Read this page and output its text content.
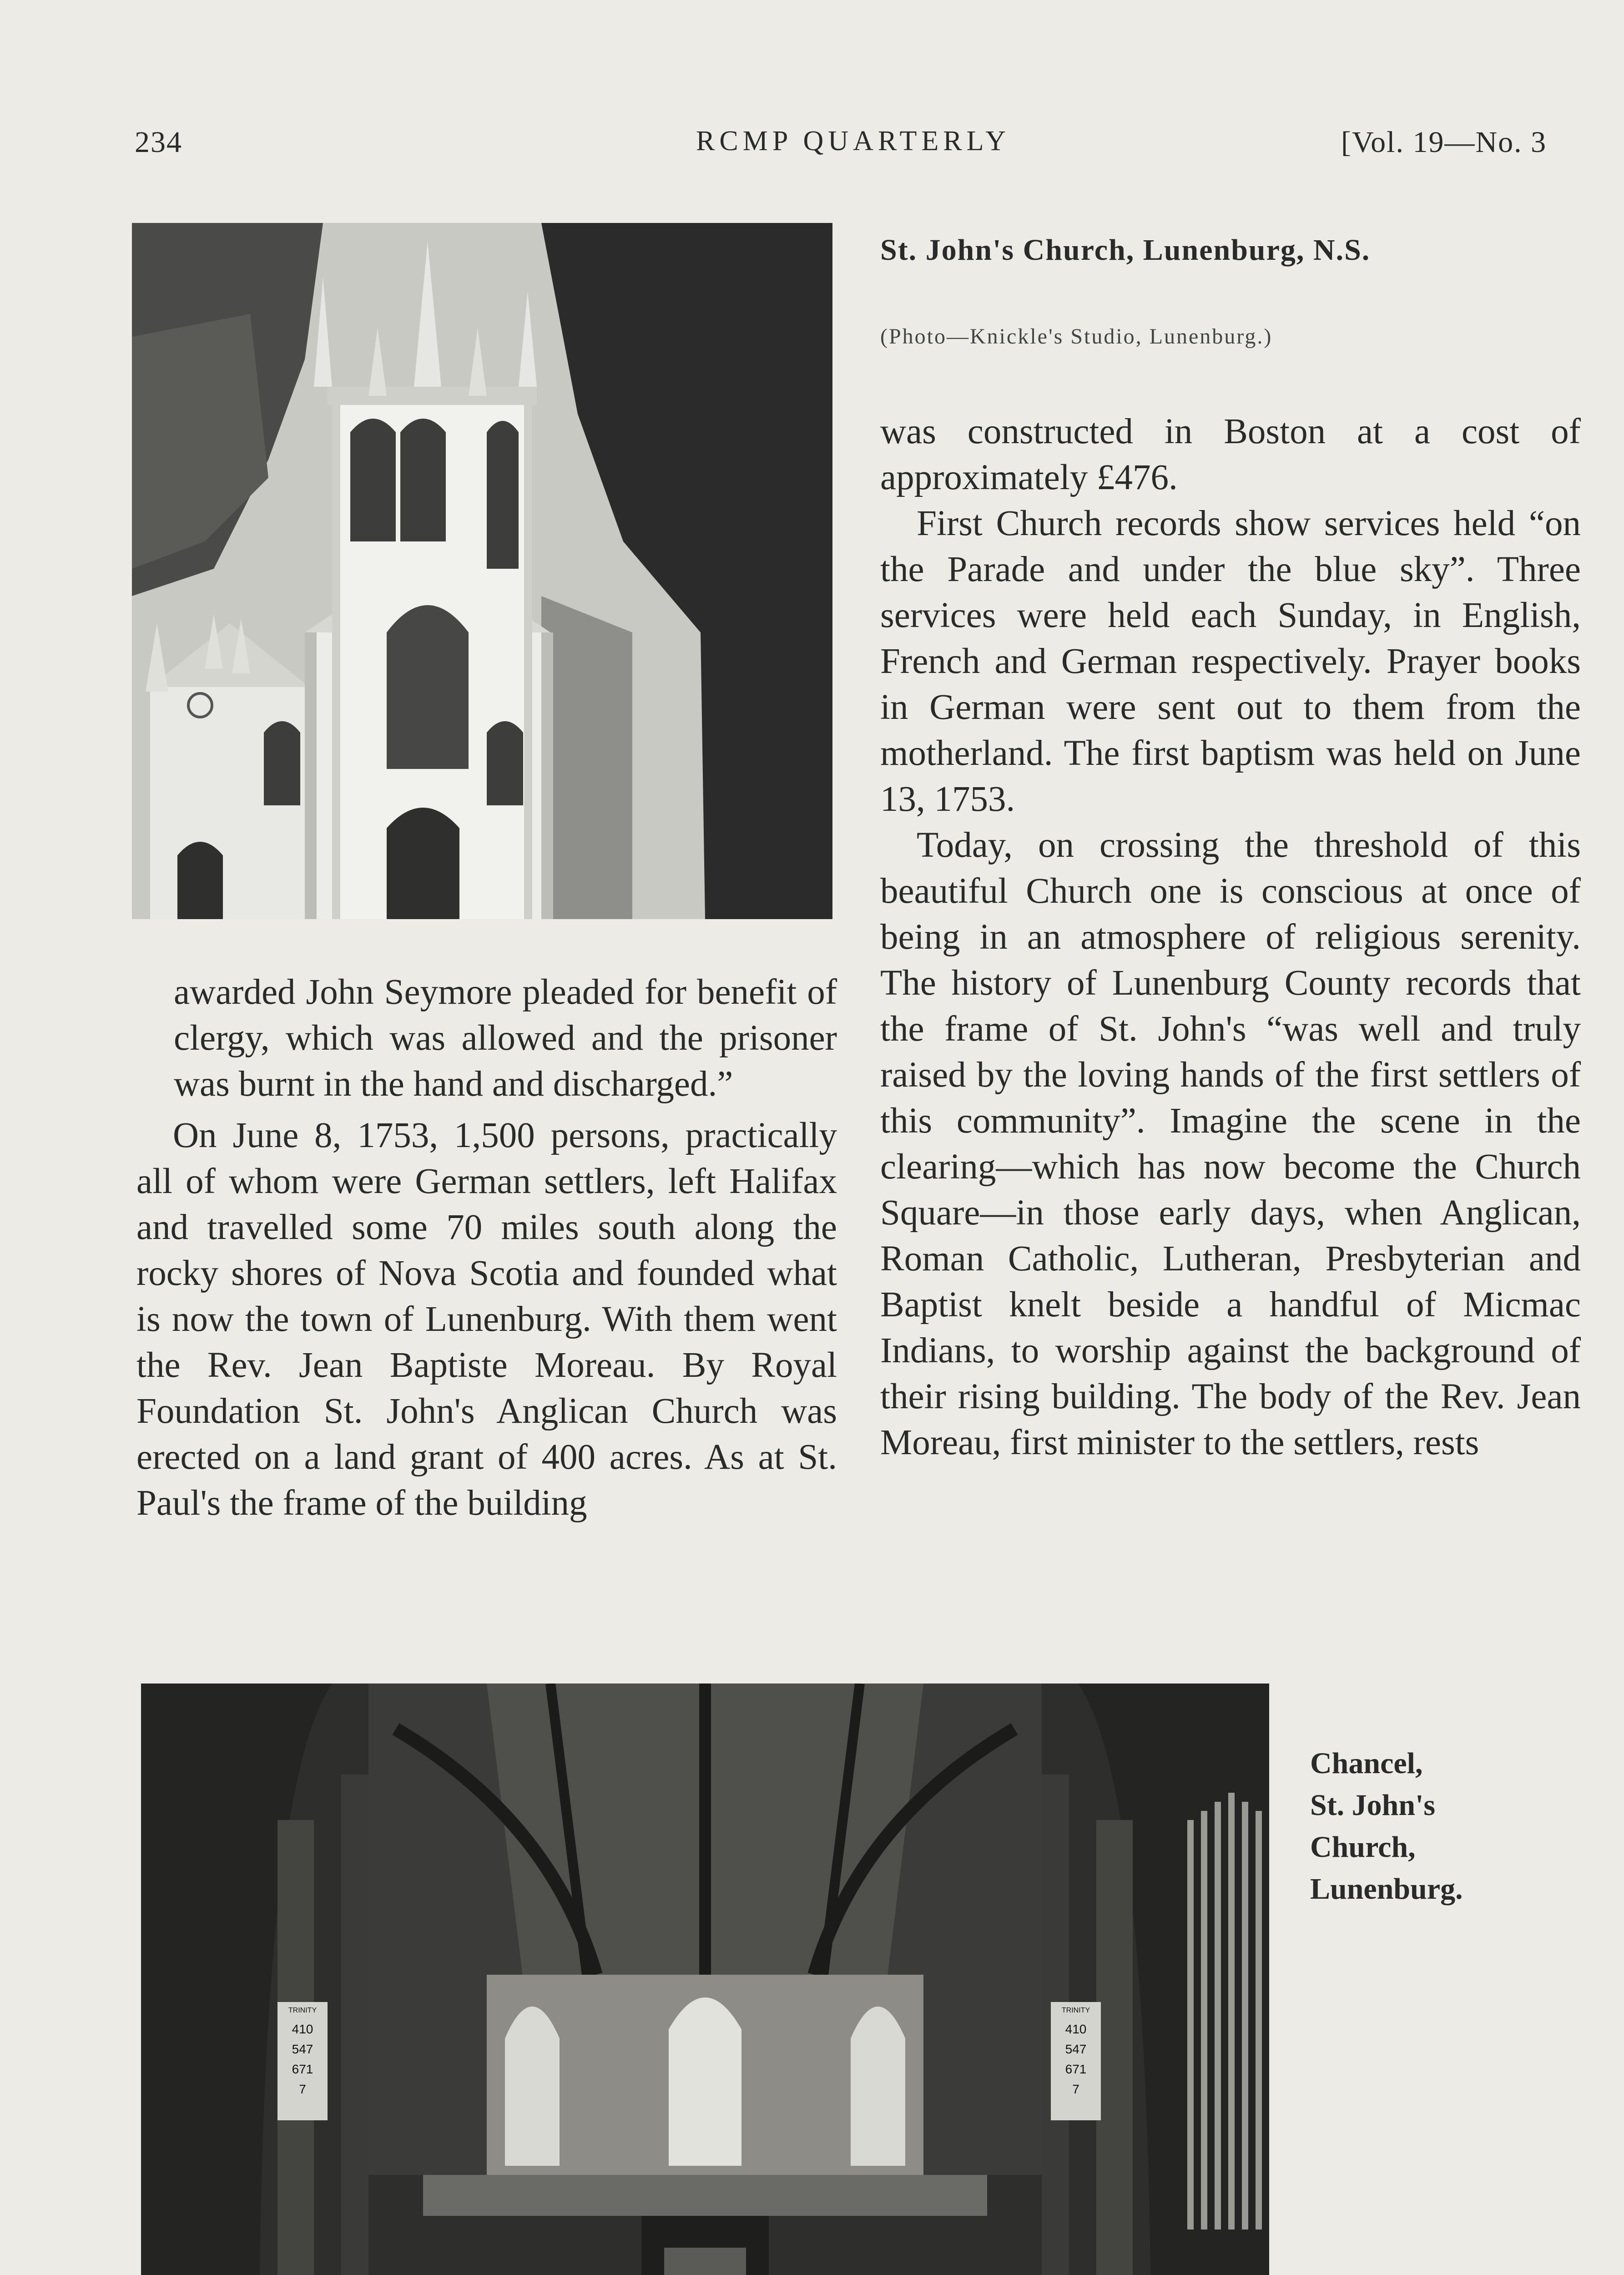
234	RCMP QUARTERLY	[Vol. 19—No. 3
St. John's Church, Lunenburg, N.S.
(Photo—Knickle's Studio, Lunenburg.)

awarded John Seymore pleaded for benefit of clergy, which was allowed and the prisoner was burnt in the hand and discharged.”

On June 8, 1753, 1,500 persons, practically all of whom were German settlers, left Halifax and travelled some 70 miles south along the rocky shores of Nova Scotia and founded what is now the town of Lunenburg. With them went the Rev. Jean Baptiste Moreau. By Royal Foundation St. John's Anglican Church was erected on a land grant of 400 acres. As at St. Paul's the frame of the building

was constructed in Boston at a cost of approximately £476.

First Church records show services held “on the Parade and under the blue sky”. Three services were held each Sunday, in English, French and German respectively. Prayer books in German were sent out to them from the motherland. The first baptism was held on June 13, 1753.

Today, on crossing the threshold of this beautiful Church one is conscious at once of being in an atmosphere of religious serenity. The history of Lunenburg County records that the frame of St. John's “was well and truly raised by the loving hands of the first settlers of this community”. Imagine the scene in the clearing—which has now become the Church Square—in those early days, when Anglican, Roman Catholic, Lutheran, Presbyterian and Baptist knelt beside a handful of Micmac Indians, to worship against the background of their rising building. The body of the Rev. Jean Moreau, first minister to the settlers, rests

TRINITY
410
547
671
7
TRINITY
410
547
671
7
Chancel,
St. John's
Church,
Lunenburg.
